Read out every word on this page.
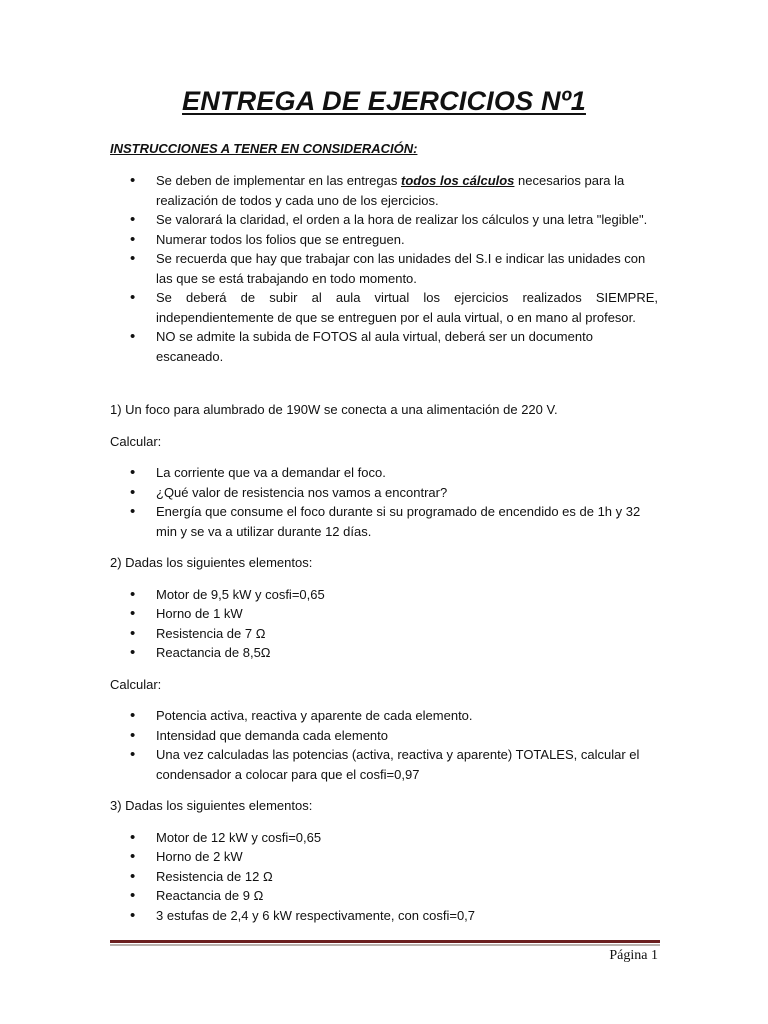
ENTREGA DE EJERCICIOS Nº1
INSTRUCCIONES A TENER EN CONSIDERACIÓN:
• Se deben de implementar en las entregas todos los cálculos necesarios para la realización de todos y cada uno de los ejercicios.
• Se valorará la claridad, el orden a la hora de realizar los cálculos y una letra "legible".
• Numerar todos los folios que se entreguen.
• Se recuerda que hay que trabajar con las unidades del S.I e indicar las unidades con las que se está trabajando en todo momento.
• Se deberá de subir al aula virtual los ejercicios realizados SIEMPRE, independientemente de que se entreguen por el aula virtual, o en mano al profesor.
• NO se admite la subida de FOTOS al aula virtual, deberá ser un documento escaneado.

1) Un foco para alumbrado de 190W se conecta a una alimentación de 220 V.

Calcular:

• La corriente que va a demandar el foco.
• ¿Qué valor de resistencia nos vamos a encontrar?
• Energía que consume el foco durante si su programado de encendido es de 1h y 32 min y se va a utilizar durante 12 días.

2) Dadas los siguientes elementos:

• Motor de 9,5 kW y cosfi=0,65
• Horno de 1 kW
• Resistencia de 7 Ω
• Reactancia de 8,5Ω

Calcular:

• Potencia activa, reactiva y aparente de cada elemento.
• Intensidad que demanda cada elemento
• Una vez calculadas las potencias (activa, reactiva y aparente) TOTALES, calcular el condensador a colocar para que el cosfi=0,97

3) Dadas los siguientes elementos:

• Motor de 12 kW y cosfi=0,65
• Horno de 2 kW
• Resistencia de 12 Ω
• Reactancia de 9 Ω
• 3 estufas de 2,4 y 6 kW respectivamente, con cosfi=0,7
Página 1
